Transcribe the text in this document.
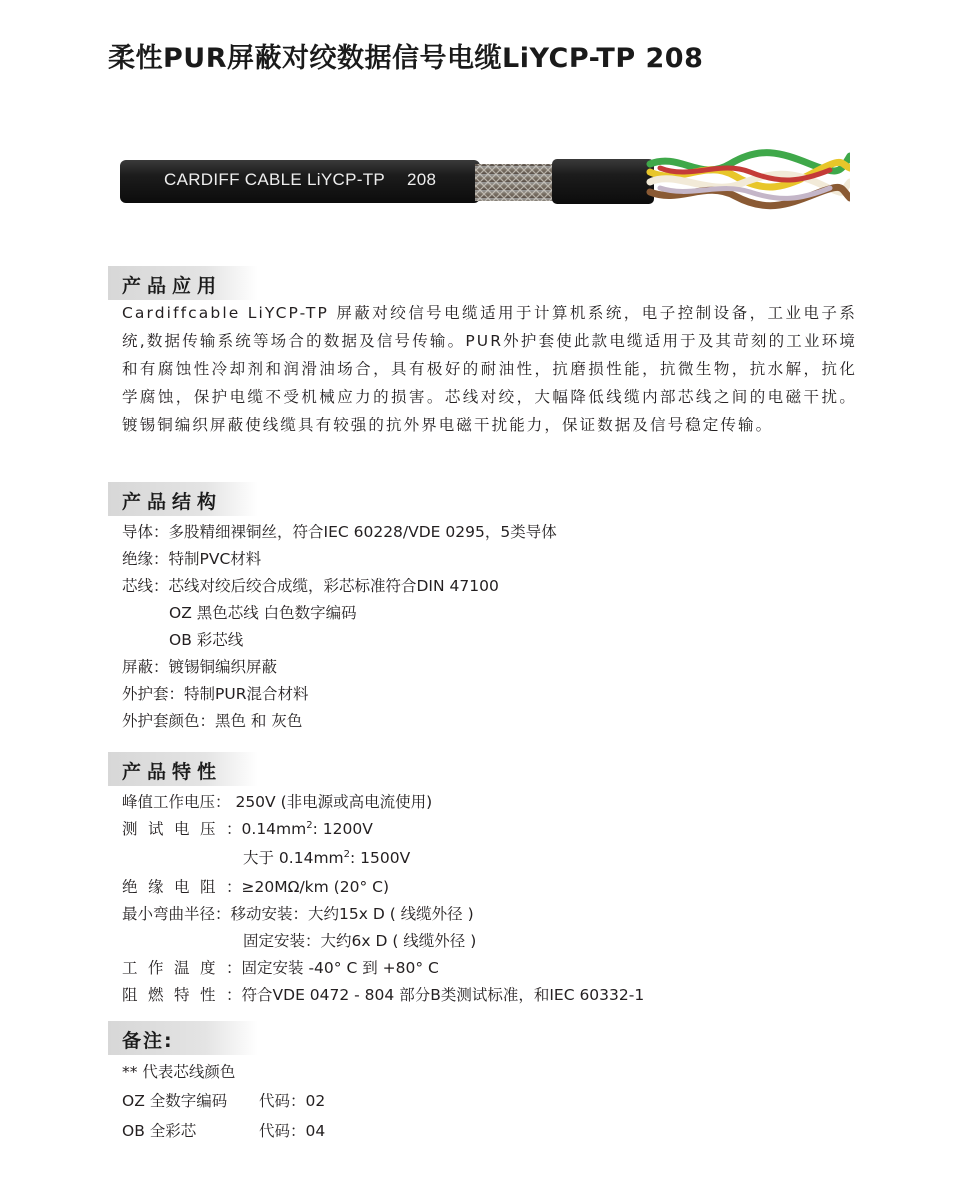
柔性PUR屏蔽对绞数据信号电缆LiYCP-TP 208
CARDIFF CABLE LiYCP-TP 208
产品应用

Cardiffcable LiYCP-TP 屏蔽对绞信号电缆适用于计算机系统，电子控制设备，工业电子系统,数据传输系统等场合的数据及信号传输。PUR外护套使此款电缆适用于及其苛刻的工业环境和有腐蚀性冷却剂和润滑油场合，具有极好的耐油性，抗磨损性能，抗微生物，抗水解，抗化学腐蚀，保护电缆不受机械应力的损害。芯线对绞，大幅降低线缆内部芯线之间的电磁干扰。镀锡铜编织屏蔽使线缆具有较强的抗外界电磁干扰能力，保证数据及信号稳定传输。

产品结构
导体：多股精细裸铜丝，符合IEC 60228/VDE 0295，5类导体
绝缘：特制PVC材料
芯线：芯线对绞后绞合成缆，彩芯标准符合DIN 47100
OZ 黑色芯线 白色数字编码
OB 彩芯线
屏蔽：镀锡铜编织屏蔽
外护套：特制PUR混合材料
外护套颜色：黑色 和 灰色
产品特性
峰值工作电压： 250V (非电源或高电流使用)
测试电压：$0.14mm^2$: 1200V
大于 $0.14mm^2$: 1500V
绝缘电阻：≥20MΩ/km (20° C)
最小弯曲半径：移动安装：大约15x D ( 线缆外径 )
固定安装：大约6x D ( 线缆外径 )
工作温度：固定安装 -40° C 到 +80° C
阻燃特性：符合VDE 0472 - 804 部分B类测试标准，和IEC 60332-1
备注:
** 代表芯线颜色
OZ 全数字编码 代码：02
OB 全彩芯	代码：04
